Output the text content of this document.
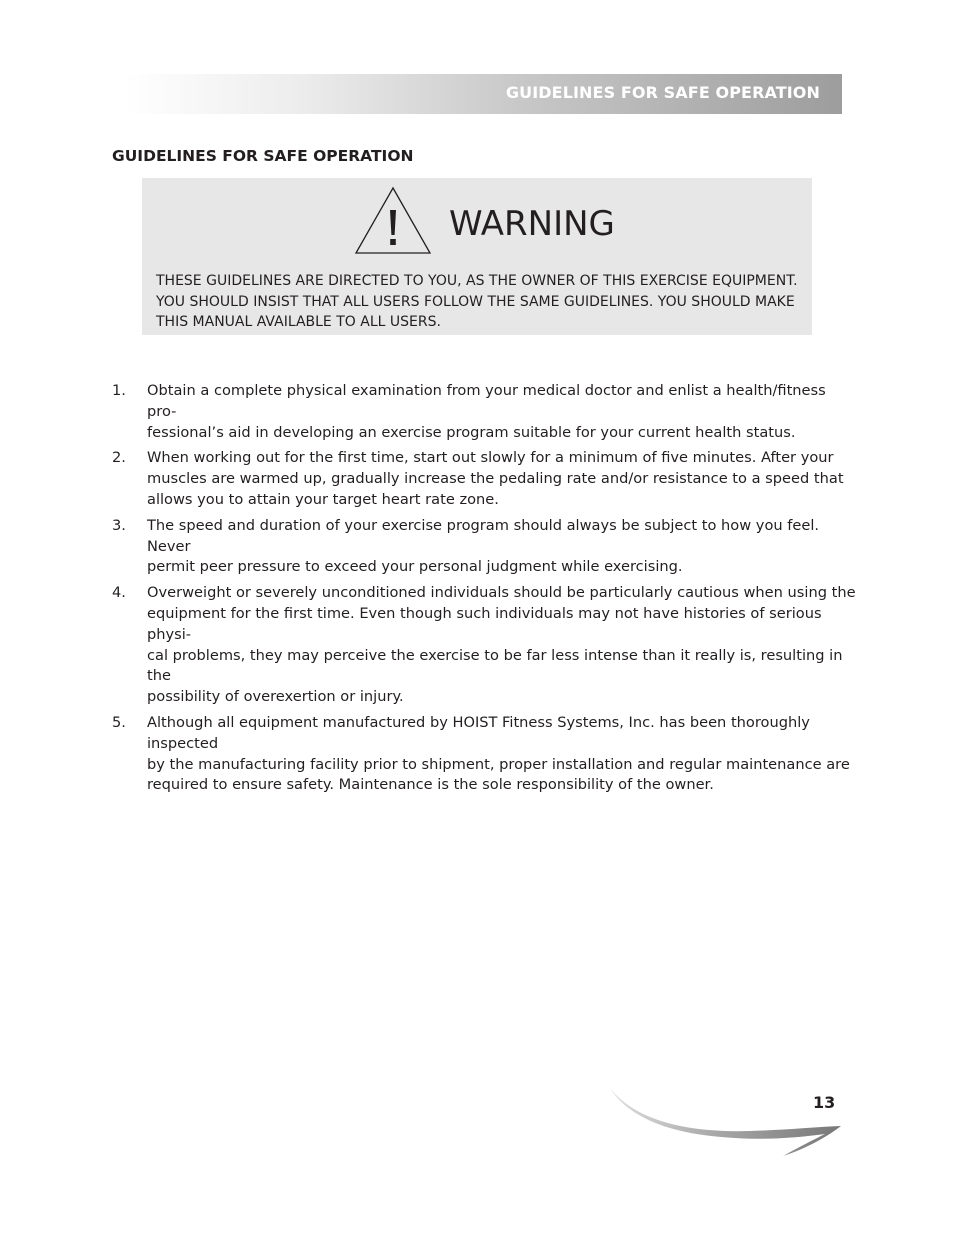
GUIDELINES FOR SAFE OPERATION
GUIDELINES FOR SAFE OPERATION
WARNING

THESE GUIDELINES ARE DIRECTED TO YOU, AS THE OWNER OF THIS EXERCISE EQUIPMENT.
YOU SHOULD INSIST THAT ALL USERS FOLLOW THE SAME GUIDELINES. YOU SHOULD MAKE
THIS MANUAL AVAILABLE TO ALL USERS.

1. Obtain a complete physical examination from your medical doctor and enlist a health/fitness pro-
fessional’s aid in developing an exercise program suitable for your current health status.
2. When working out for the first time, start out slowly for a minimum of five minutes. After your
muscles are warmed up, gradually increase the pedaling rate and/or resistance to a speed that
allows you to attain your target heart rate zone.
3. The speed and duration of your exercise program should always be subject to how you feel. Never
permit peer pressure to exceed your personal judgment while exercising.
4. Overweight or severely unconditioned individuals should be particularly cautious when using the
equipment for the first time. Even though such individuals may not have histories of serious physi-
cal problems, they may perceive the exercise to be far less intense than it really is, resulting in the
possibility of overexertion or injury.
5. Although all equipment manufactured by HOIST Fitness Systems, Inc. has been thoroughly inspected
by the manufacturing facility prior to shipment, proper installation and regular maintenance are
required to ensure safety. Maintenance is the sole responsibility of the owner.
13
